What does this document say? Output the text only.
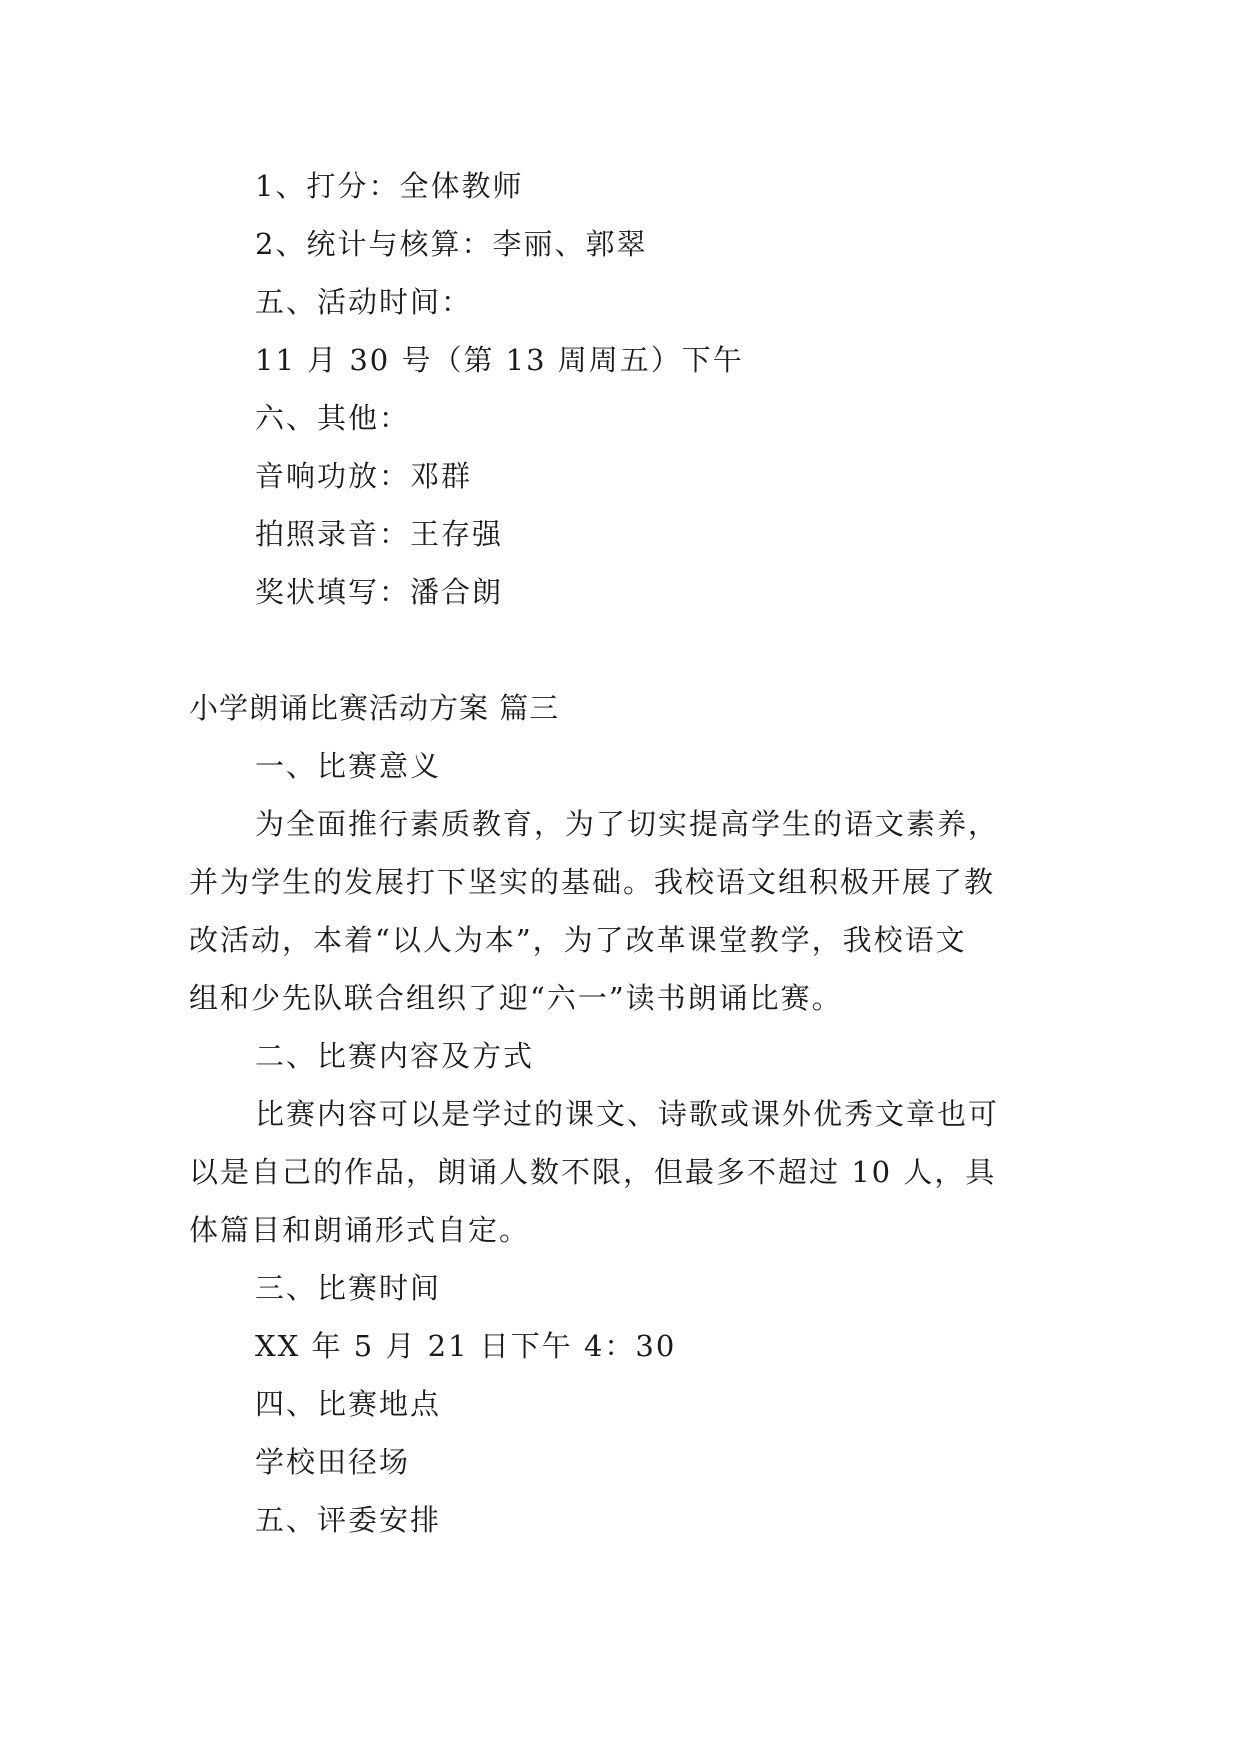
1、打分：全体教师
2、统计与核算：李丽、郭翠
五、活动时间：
11 月 30 号（第 13 周周五）下午
六、其他：
音响功放：邓群
拍照录音：王存强
奖状填写：潘合朗
小学朗诵比赛活动方案 篇三
一、比赛意义
为全面推行素质教育，为了切实提高学生的语文素养，
并为学生的发展打下坚实的基础。我校语文组积极开展了教
改活动，本着“以人为本”，为了改革课堂教学，我校语文
组和少先队联合组织了迎“六一”读书朗诵比赛。
二、比赛内容及方式
比赛内容可以是学过的课文、诗歌或课外优秀文章也可
以是自己的作品，朗诵人数不限，但最多不超过 10 人，具
体篇目和朗诵形式自定。
三、比赛时间
XX 年 5 月 21 日下午 4：30
四、比赛地点
学校田径场
五、评委安排
